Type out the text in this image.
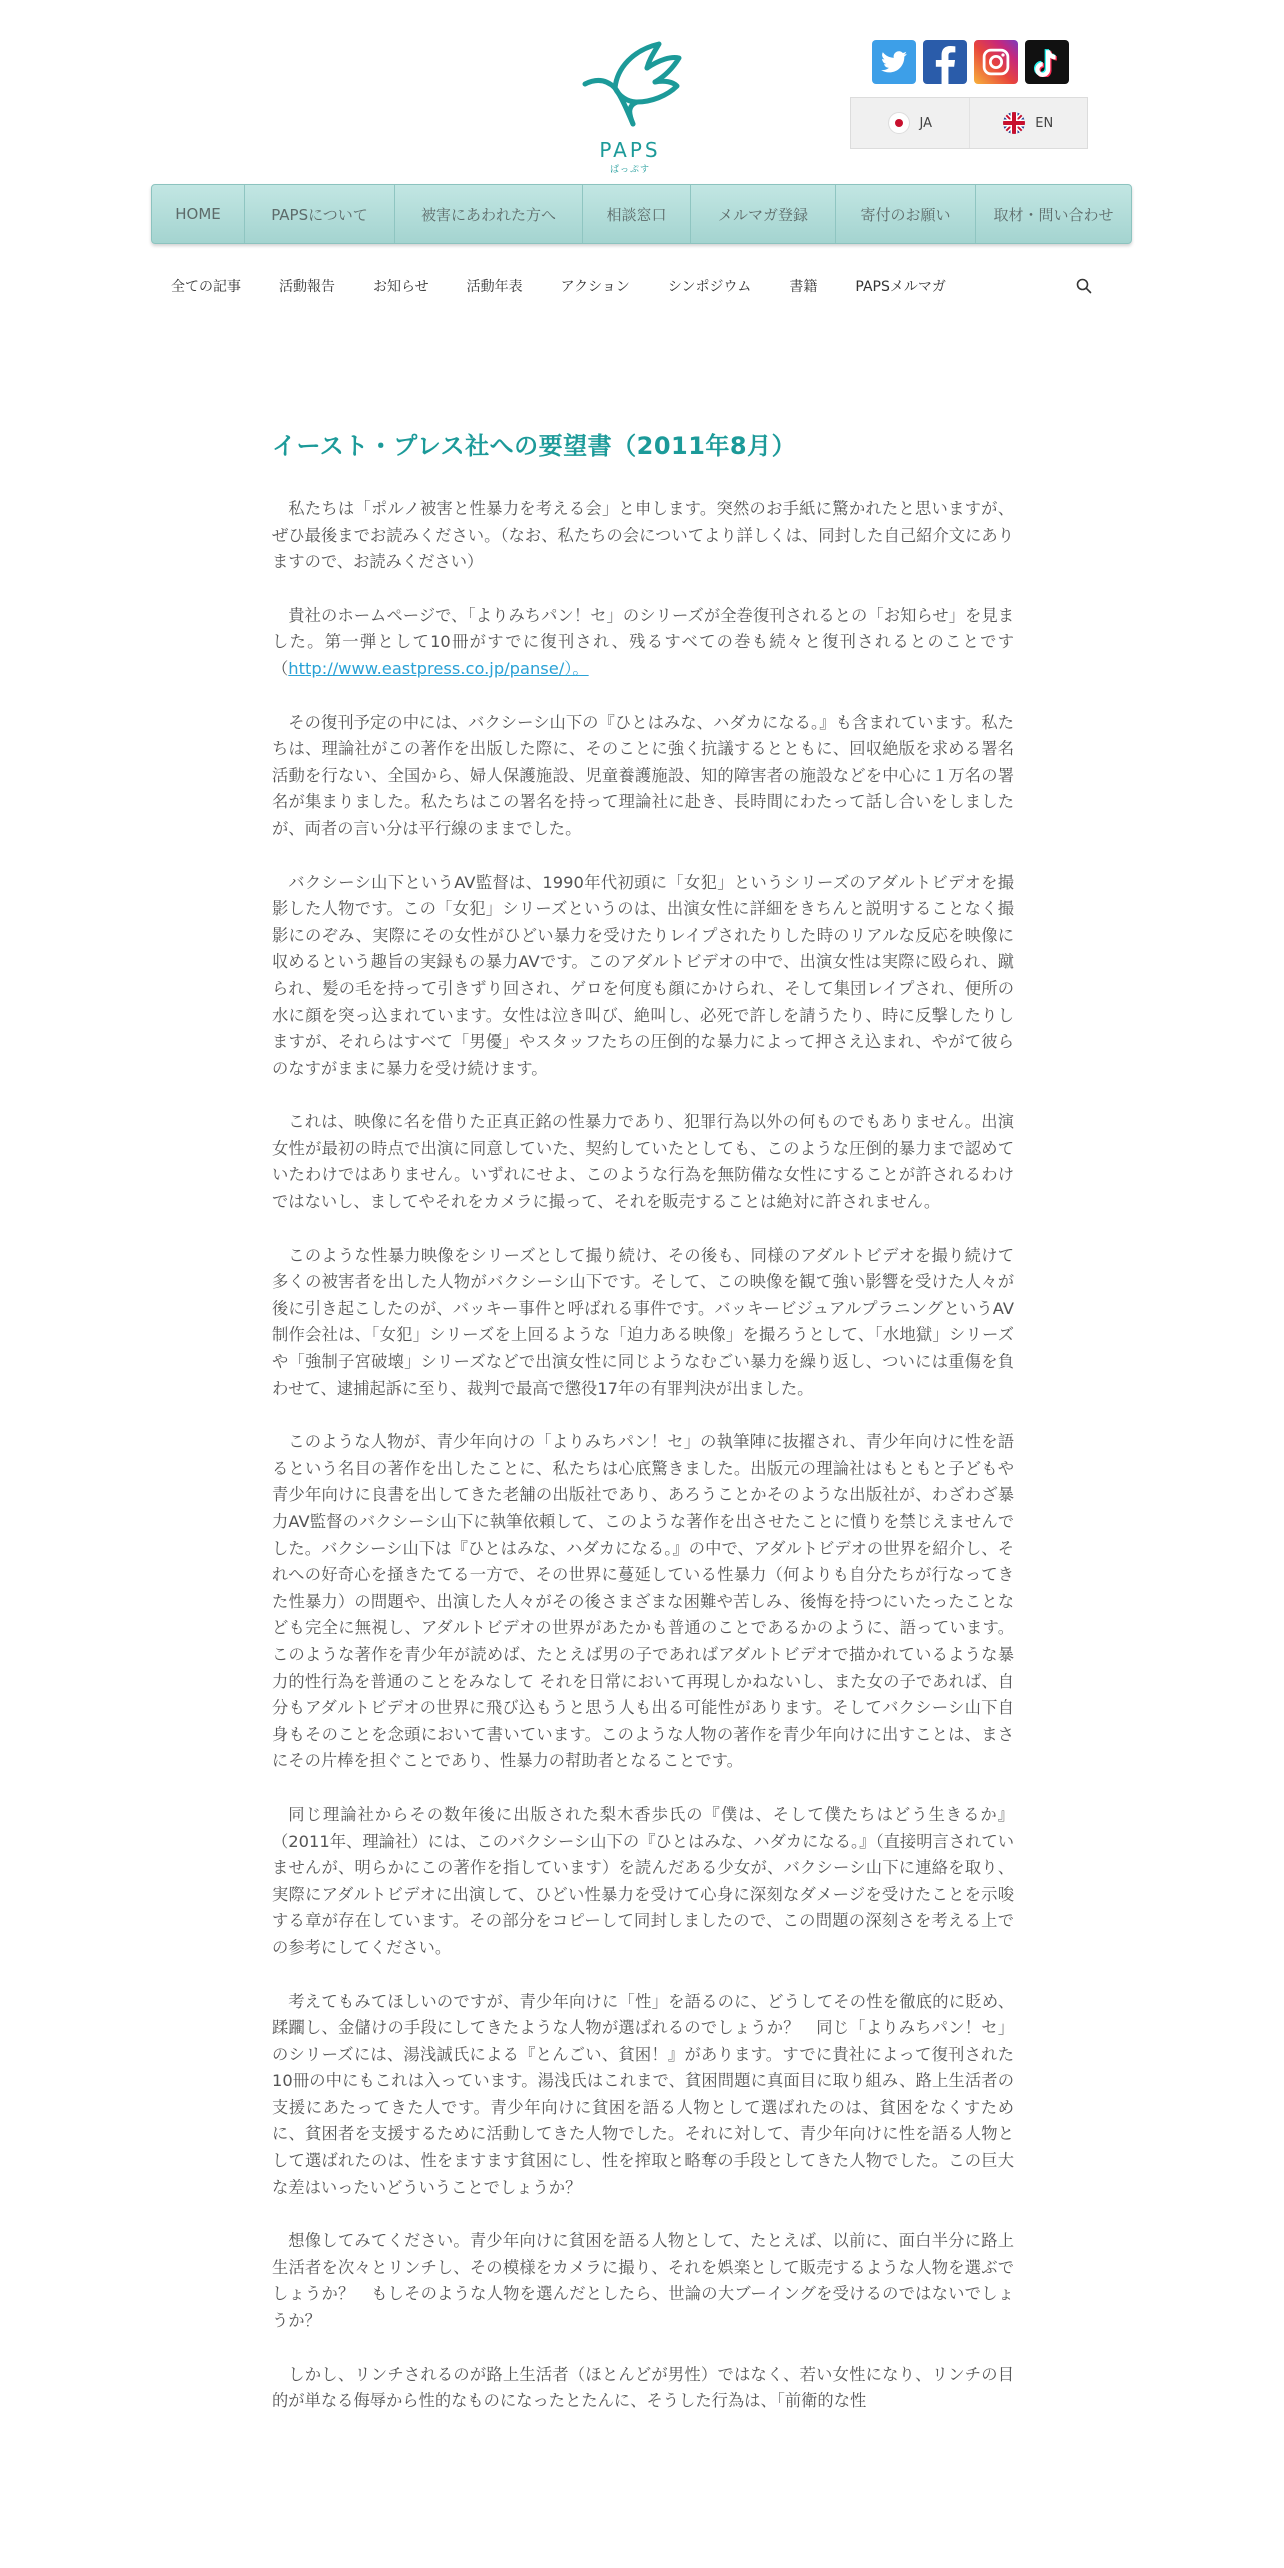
PAPS
ぱっぷす
JA	EN
HOME	PAPSについて	被害にあわれた方へ	相談窓口	メルマガ登録	寄付のお願い	取材・問い合わせ
全ての記事	活動報告	お知らせ	活動年表	アクション	シンポジウム	書籍	PAPSメルマガ
イースト・プレス社への要望書（2011年8月）

私たちは「ポルノ被害と性暴力を考える会」と申します。突然のお手紙に驚かれたと思いますが、ぜひ最後までお読みください。（なお、私たちの会についてより詳しくは、同封した自己紹介文にありますので、お読みください）

貴社のホームページで、「よりみちパン！セ」のシリーズが全巻復刊されるとの「お知らせ」を見ました。第一弾として10冊がすでに復刊され、残るすべての巻も続々と復刊されるとのことです（http://www.eastpress.co.jp/panse/）。

その復刊予定の中には、バクシーシ山下の『ひとはみな、ハダカになる。』も含まれています。私たちは、理論社がこの著作を出版した際に、そのことに強く抗議するとともに、回収絶版を求める署名活動を行ない、全国から、婦人保護施設、児童養護施設、知的障害者の施設などを中心に１万名の署名が集まりました。私たちはこの署名を持って理論社に赴き、長時間にわたって話し合いをしましたが、両者の言い分は平行線のままでした。

バクシーシ山下というAV監督は、1990年代初頭に「女犯」というシリーズのアダルトビデオを撮影した人物です。この「女犯」シリーズというのは、出演女性に詳細をきちんと説明することなく撮影にのぞみ、実際にその女性がひどい暴力を受けたりレイプされたりした時のリアルな反応を映像に収めるという趣旨の実録もの暴力AVです。このアダルトビデオの中で、出演女性は実際に殴られ、蹴られ、髪の毛を持って引きずり回され、ゲロを何度も顔にかけられ、そして集団レイプされ、便所の水に顔を突っ込まれています。女性は泣き叫び、絶叫し、必死で許しを請うたり、時に反撃したりしますが、それらはすべて「男優」やスタッフたちの圧倒的な暴力によって押さえ込まれ、やがて彼らのなすがままに暴力を受け続けます。

これは、映像に名を借りた正真正銘の性暴力であり、犯罪行為以外の何ものでもありません。出演女性が最初の時点で出演に同意していた、契約していたとしても、このような圧倒的暴力まで認めていたわけではありません。いずれにせよ、このような行為を無防備な女性にすることが許されるわけではないし、ましてやそれをカメラに撮って、それを販売することは絶対に許されません。

このような性暴力映像をシリーズとして撮り続け、その後も、同様のアダルトビデオを撮り続けて多くの被害者を出した人物がバクシーシ山下です。そして、この映像を観て強い影響を受けた人々が後に引き起こしたのが、バッキー事件と呼ばれる事件です。バッキービジュアルプラニングというAV制作会社は、「女犯」シリーズを上回るような「迫力ある映像」を撮ろうとして、「水地獄」シリーズや「強制子宮破壊」シリーズなどで出演女性に同じようなむごい暴力を繰り返し、ついには重傷を負わせて、逮捕起訴に至り、裁判で最高で懲役17年の有罪判決が出ました。

このような人物が、青少年向けの「よりみちパン！セ」の執筆陣に抜擢され、青少年向けに性を語るという名目の著作を出したことに、私たちは心底驚きました。出版元の理論社はもともと子どもや青少年向けに良書を出してきた老舗の出版社であり、あろうことかそのような出版社が、わざわざ暴力AV監督のバクシーシ山下に執筆依頼して、このような著作を出させたことに憤りを禁じえませんでした。バクシーシ山下は『ひとはみな、ハダカになる。』の中で、アダルトビデオの世界を紹介し、それへの好奇心を掻きたてる一方で、その世界に蔓延している性暴力（何よりも自分たちが行なってきた性暴力）の問題や、出演した人々がその後さまざまな困難や苦しみ、後悔を持つにいたったことなども完全に無視し、アダルトビデオの世界があたかも普通のことであるかのように、語っています。このような著作を青少年が読めば、たとえば男の子であればアダルトビデオで描かれているような暴力的性行為を普通のことをみなして それを日常において再現しかねないし、また女の子であれば、自分もアダルトビデオの世界に飛び込もうと思う人も出る可能性があります。そしてバクシーシ山下自身もそのことを念頭において書いています。このような人物の著作を青少年向けに出すことは、まさにその片棒を担ぐことであり、性暴力の幇助者となることです。

同じ理論社からその数年後に出版された梨木香歩氏の『僕は、そして僕たちはどう生きるか』（2011年、理論社）には、このバクシーシ山下の『ひとはみな、ハダカになる。』（直接明言されていませんが、明らかにこの著作を指しています）を読んだある少女が、バクシーシ山下に連絡を取り、実際にアダルトビデオに出演して、ひどい性暴力を受けて心身に深刻なダメージを受けたことを示唆する章が存在しています。その部分をコピーして同封しましたので、この問題の深刻さを考える上での参考にしてください。

考えてもみてほしいのですが、青少年向けに「性」を語るのに、どうしてその性を徹底的に貶め、蹂躙し、金儲けの手段にしてきたような人物が選ばれるのでしょうか？　同じ「よりみちパン！セ」のシリーズには、湯浅誠氏による『とんごい、貧困！』があります。すでに貴社によって復刊された10冊の中にもこれは入っています。湯浅氏はこれまで、貧困問題に真面目に取り組み、路上生活者の支援にあたってきた人です。青少年向けに貧困を語る人物として選ばれたのは、貧困をなくすために、貧困者を支援するために活動してきた人物でした。それに対して、青少年向けに性を語る人物として選ばれたのは、性をますます貧困にし、性を搾取と略奪の手段としてきた人物でした。この巨大な差はいったいどういうことでしょうか？

想像してみてください。青少年向けに貧困を語る人物として、たとえば、以前に、面白半分に路上生活者を次々とリンチし、その模様をカメラに撮り、それを娯楽として販売するような人物を選ぶでしょうか？　もしそのような人物を選んだとしたら、世論の大ブーイングを受けるのではないでしょうか？

しかし、リンチされるのが路上生活者（ほとんどが男性）ではなく、若い女性になり、リンチの目的が単なる侮辱から性的なものになったとたんに、そうした行為は、「前衛的な性
